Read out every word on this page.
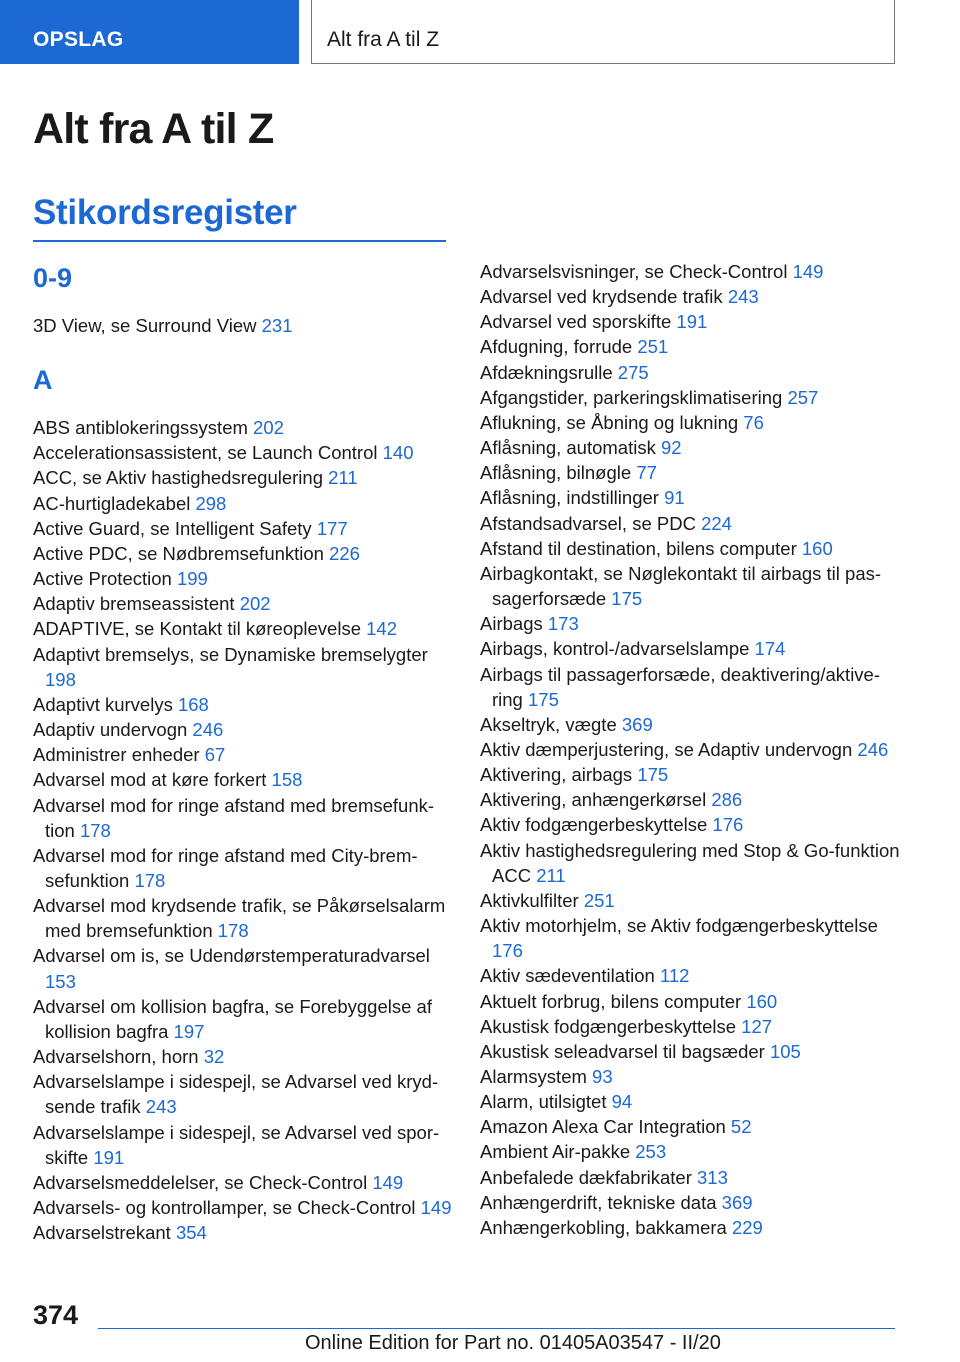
OPSLAG	Alt fra A til Z
Alt fra A til Z
Stikordsregister
0-9
3D View, se Surround View 231
A
ABS antiblokeringssystem 202
Accelerationsassistent, se Launch Control 140
ACC, se Aktiv hastighedsregulering 211
AC-hurtigladekabel 298
Active Guard, se Intelligent Safety 177
Active PDC, se Nødbremsefunktion 226
Active Protection 199
Adaptiv bremseassistent 202
ADAPTIVE, se Kontakt til køreoplevelse 142
Adaptivt bremselys, se Dynamiske bremselygter 198
Adaptivt kurvelys 168
Adaptiv undervogn 246
Administrer enheder 67
Advarsel mod at køre forkert 158
Advarsel mod for ringe afstand med bremsefunktion 178
Advarsel mod for ringe afstand med City-bremsefunktion 178
Advarsel mod krydsende trafik, se Påkørselsalarm med bremsefunktion 178
Advarsel om is, se Udendørstemperaturadvarsel 153
Advarsel om kollision bagfra, se Forebyggelse af kollision bagfra 197
Advarselshorn, horn 32
Advarselslampe i sidespejl, se Advarsel ved krydsende trafik 243
Advarselslampe i sidespejl, se Advarsel ved sporskifte 191
Advarselsmeddelelser, se Check-Control 149
Advarsels- og kontrollamper, se Check-Control 149
Advarselstrekant 354
Advarselsvisninger, se Check-Control 149
Advarsel ved krydsende trafik 243
Advarsel ved sporskifte 191
Afdugning, forrude 251
Afdækningsrulle 275
Afgangstider, parkeringsklimatisering 257
Aflukning, se Åbning og lukning 76
Aflåsning, automatisk 92
Aflåsning, bilnøgle 77
Aflåsning, indstillinger 91
Afstandsadvarsel, se PDC 224
Afstand til destination, bilens computer 160
Airbagkontakt, se Nøglekontakt til airbags til passagerforsæde 175
Airbags 173
Airbags, kontrol-/advarselslampe 174
Airbags til passagerforsæde, deaktivering/aktivering 175
Akseltryk, vægte 369
Aktiv dæmperjustering, se Adaptiv undervogn 246
Aktivering, airbags 175
Aktivering, anhængerkørsel 286
Aktiv fodgængerbeskyttelse 176
Aktiv hastighedsregulering med Stop & Go-funktion ACC 211
Aktivkulfilter 251
Aktiv motorhjelm, se Aktiv fodgængerbeskyttelse 176
Aktiv sædeventilation 112
Aktuelt forbrug, bilens computer 160
Akustisk fodgængerbeskyttelse 127
Akustisk seleadvarsel til bagsæder 105
Alarmsystem 93
Alarm, utilsigtet 94
Amazon Alexa Car Integration 52
Ambient Air-pakke 253
Anbefalede dækfabrikater 313
Anhængerdrift, tekniske data 369
Anhængerkobling, bakkamera 229
374
Online Edition for Part no. 01405A03547 - II/20
